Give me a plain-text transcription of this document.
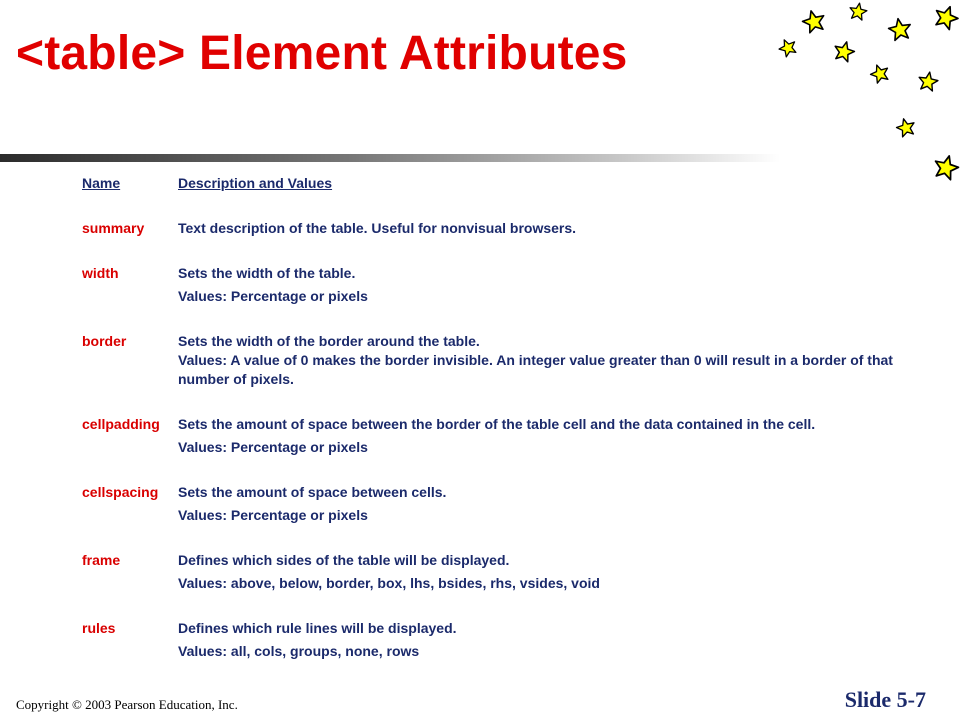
<table> Element Attributes
Name	Description and Values
summary Text description of the table. Useful for nonvisual browsers.
width	Sets the width of the table.
Values: Percentage or pixels
border	Sets the width of the border around the table.
Values: A value of 0 makes the border invisible. An integer value greater than 0 will result in a border of that number of pixels.
cellpadding Sets the amount of space between the border of the table cell and the data contained in the cell.
Values: Percentage or pixels
cellspacing Sets the amount of space between cells.
Values: Percentage or pixels
frame	Defines which sides of the table will be displayed.
Values: above, below, border, box, lhs, bsides, rhs, vsides, void
rules	Defines which rule lines will be displayed.
Values: all, cols, groups, none, rows
Copyright © 2003 Pearson Education, Inc.	Slide 5-7
